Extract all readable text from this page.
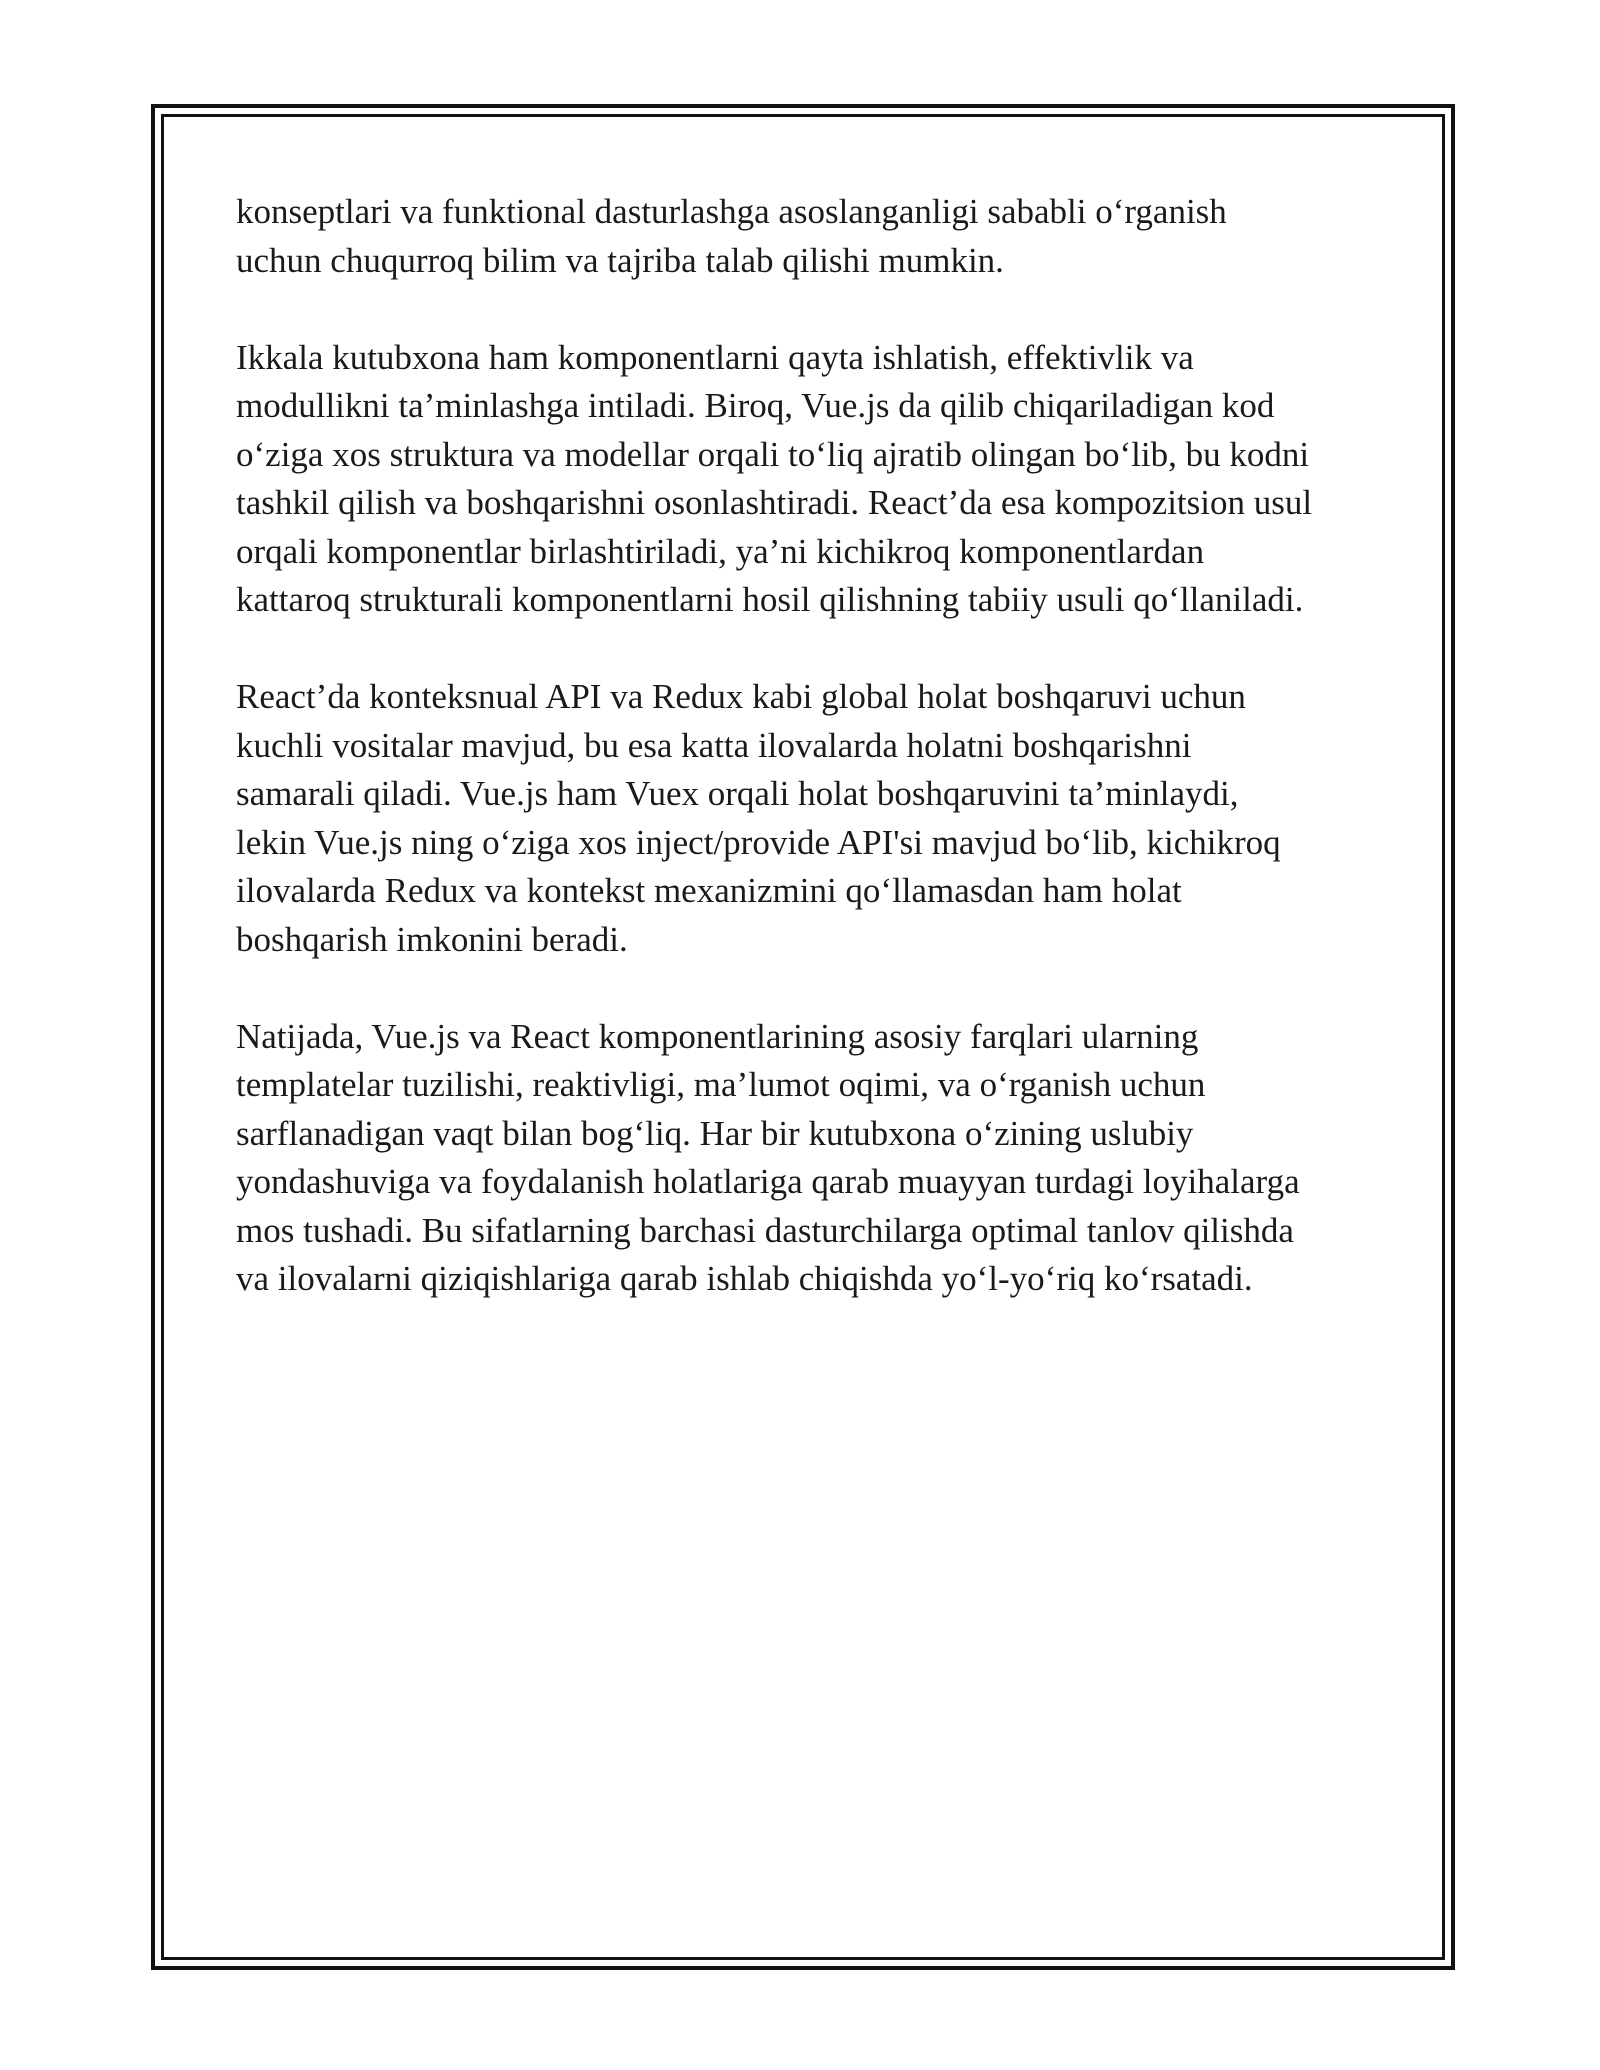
konseptlari va funktional dasturlashga asoslanganligi sababli o‘rganish
uchun chuqurroq bilim va tajriba talab qilishi mumkin.

Ikkala kutubxona ham komponentlarni qayta ishlatish, effektivlik va
modullikni ta’minlashga intiladi. Biroq, Vue.js da qilib chiqariladigan kod
o‘ziga xos struktura va modellar orqali to‘liq ajratib olingan bo‘lib, bu kodni
tashkil qilish va boshqarishni osonlashtiradi. React’da esa kompozitsion usul
orqali komponentlar birlashtiriladi, ya’ni kichikroq komponentlardan
kattaroq strukturali komponentlarni hosil qilishning tabiiy usuli qo‘llaniladi.

React’da konteksnual API va Redux kabi global holat boshqaruvi uchun
kuchli vositalar mavjud, bu esa katta ilovalarda holatni boshqarishni
samarali qiladi. Vue.js ham Vuex orqali holat boshqaruvini ta’minlaydi,
lekin Vue.js ning o‘ziga xos inject/provide API'si mavjud bo‘lib, kichikroq
ilovalarda Redux va kontekst mexanizmini qo‘llamasdan ham holat
boshqarish imkonini beradi.

Natijada, Vue.js va React komponentlarining asosiy farqlari ularning
templatelar tuzilishi, reaktivligi, ma’lumot oqimi, va o‘rganish uchun
sarflanadigan vaqt bilan bog‘liq. Har bir kutubxona o‘zining uslubiy
yondashuviga va foydalanish holatlariga qarab muayyan turdagi loyihalarga
mos tushadi. Bu sifatlarning barchasi dasturchilarga optimal tanlov qilishda
va ilovalarni qiziqishlariga qarab ishlab chiqishda yo‘l-yo‘riq ko‘rsatadi.
